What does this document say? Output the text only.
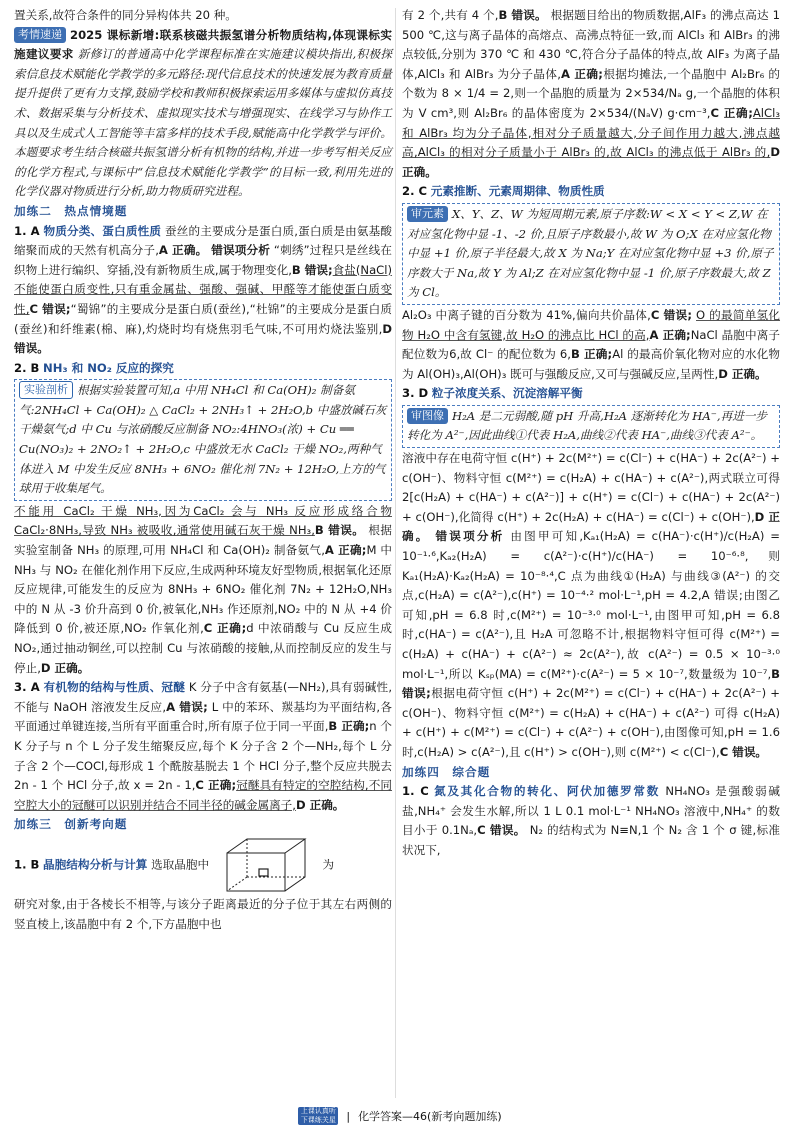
置关系,故符合条件的同分异构体共 20 种。

考情速递 2025 课标新增:联系核磁共振氢谱分析物质结构,体现课标实施建议要求 新修订的普通高中化学课程标准在实施建议模块指出,积极探索信息技术赋能化学教学的多元路径:现代信息技术的快速发展为教育质量提升提供了更有力支撑,鼓励学校和教师积极探索运用多媒体与虚拟仿真技术、数据采集与分析技术、虚拟现实技术与增强现实、在线学习与协作工具以及生成式人工智能等丰富多样的技术手段,赋能高中化学教学与评价。本题要求考生结合核磁共振氢谱分析有机物的结构,并进一步考写相关反应的化学方程式,与课标中“信息技术赋能化学教学”的目标一致,利用先进的化学仪器对物质进行分析,助力物质研究进程。

加练二　热点情境题

1. A 物质分类、蛋白质性质 蚕丝的主要成分是蛋白质,蛋白质是由氨基酸缩聚而成的天然有机高分子,A 正确。 错误项分析 “刺绣”过程只是丝线在织物上进行编织、穿插,没有新物质生成,属于物理变化,B 错误;食盐(NaCl)不能使蛋白质变性,只有重金属盐、强酸、强碱、甲醛等才能使蛋白质变性,C 错误;“蜀锦”的主要成分是蛋白质(蚕丝),“杜锦”的主要成分是蛋白质(蚕丝)和纤维素(棉、麻),灼烧时均有烧焦羽毛气味,不可用灼烧法鉴别,D 错误。

2. B NH₃ 和 NO₂ 反应的探究

实验剖析 根据实验装置可知,a 中用 NH₄Cl 和 Ca(OH)₂ 制备氨气:2NH₄Cl + Ca(OH)₂ △ CaCl₂ + 2NH₃↑ + 2H₂O,b 中盛放碱石灰干燥氨气;d 中 Cu 与浓硝酸反应制备 NO₂:4HNO₃(浓) + Cu ══ Cu(NO₃)₂ + 2NO₂↑ + 2H₂O,c 中盛放无水 CaCl₂ 干燥 NO₂,两种气体进入 M 中发生反应 8NH₃ + 6NO₂ 催化剂 7N₂ + 12H₂O,上方的气球用于收集尾气。

不能用 CaCl₂ 干燥 NH₃,因为CaCl₂ 会与 NH₃ 反应形成络合物 CaCl₂·8NH₃,导致 NH₃ 被吸收,通常使用碱石灰干燥 NH₃,B 错误。 根据实验室制备 NH₃ 的原理,可用 NH₄Cl 和 Ca(OH)₂ 制备氨气,A 正确;M 中 NH₃ 与 NO₂ 在催化剂作用下反应,生成两种环境友好型物质,根据氧化还原反应规律,可能发生的反应为 8NH₃ + 6NO₂ 催化剂 7N₂ + 12H₂O,NH₃ 中的 N 从 -3 价升高到 0 价,被氧化,NH₃ 作还原剂,NO₂ 中的 N 从 +4 价降低到 0 价,被还原,NO₂ 作氧化剂,C 正确;d 中浓硝酸与 Cu 反应生成 NO₂,通过抽动铜丝,可以控制 Cu 与浓硝酸的接触,从而控制反应的发生与停止,D 正确。

3. A 有机物的结构与性质、冠醚 K 分子中含有氨基(—NH₂),具有弱碱性,不能与 NaOH 溶液发生反应,A 错误; L 中的苯环、羰基均为平面结构,各平面通过单键连接,当所有平面重合时,所有原子位于同一平面,B 正确;n 个 K 分子与 n 个 L 分子发生缩聚反应,每个 K 分子含 2 个—NH₂,每个 L 分子含 2 个—COCl,每形成 1 个酰胺基脱去 1 个 HCl 分子,整个反应共脱去 2n - 1 个 HCl 分子,故 x = 2n - 1,C 正确;冠醚具有特定的空腔结构,不同空腔大小的冠醚可以识别并结合不同半径的碱金属离子,D 正确。

加练三　创新考向题

1. B 晶胞结构分析与计算 选取晶胞中	为

研究对象,由于各棱长不相等,与该分子距离最近的分子位于其左右两侧的竖直棱上,该晶胞中有 2 个,下方晶胞中也

有 2 个,共有 4 个,B 错误。 根据题目给出的物质数据,AlF₃ 的沸点高达 1 500 ℃,这与离子晶体的高熔点、高沸点特征一致,而 AlCl₃ 和 AlBr₃ 的沸点较低,分别为 370 ℃ 和 430 ℃,符合分子晶体的特点,故 AlF₃ 为离子晶体,AlCl₃ 和 AlBr₃ 为分子晶体,A 正确;根据均摊法,一个晶胞中 Al₂Br₆ 的个数为 8 × 1/4 = 2,则一个晶胞的质量为 2×534/Nₐ g,一个晶胞的体积为 V cm³,则 Al₂Br₆ 的晶体密度为 2×534/(NₐV) g·cm⁻³,C 正确;AlCl₃ 和 AlBr₃ 均为分子晶体,相对分子质量越大,分子间作用力越大,沸点越高,AlCl₃ 的相对分子质量小于 AlBr₃ 的,故 AlCl₃ 的沸点低于 AlBr₃ 的,D 正确。

2. C 元素推断、元素周期律、物质性质

审元素 X、Y、Z、W 为短周期元素,原子序数:W < X < Y < Z,W 在对应氢化物中显 -1、-2 价,且原子序数最小,故 W 为 O;X 在对应氢化物中显 +1 价,原子半径最大,故 X 为 Na;Y 在对应氢化物中显 +3 价,原子序数大于 Na,故 Y 为 Al;Z 在对应氢化物中显 -1 价,原子序数最大,故 Z 为 Cl。

Al₂O₃ 中离子键的百分数为 41%,偏向共价晶体,C 错误; O 的最简单氢化物 H₂O 中含有氢键,故 H₂O 的沸点比 HCl 的高,A 正确;NaCl 晶胞中离子配位数为6,故 Cl⁻ 的配位数为 6,B 正确;Al 的最高价氧化物对应的水化物为 Al(OH)₃,Al(OH)₃ 既可与强酸反应,又可与强碱反应,呈两性,D 正确。

3. D 粒子浓度关系、沉淀溶解平衡

审图像 H₂A 是二元弱酸,随 pH 升高,H₂A 逐渐转化为 HA⁻,再进一步转化为 A²⁻,因此曲线①代表 H₂A,曲线②代表 HA⁻,曲线③代表 A²⁻。

溶液中存在电荷守恒 c(H⁺) + 2c(M²⁺) = c(Cl⁻) + c(HA⁻) + 2c(A²⁻) + c(OH⁻)、物料守恒 c(M²⁺) = c(H₂A) + c(HA⁻) + c(A²⁻),两式联立可得 2[c(H₂A) + c(HA⁻) + c(A²⁻)] + c(H⁺) = c(Cl⁻) + c(HA⁻) + 2c(A²⁻) + c(OH⁻),化简得 c(H⁺) + 2c(H₂A) + c(HA⁻) = c(Cl⁻) + c(OH⁻),D 正确。 错误项分析 由图甲可知,Kₐ₁(H₂A) = c(HA⁻)·c(H⁺)/c(H₂A) = 10⁻¹·⁶,Kₐ₂(H₂A) = c(A²⁻)·c(H⁺)/c(HA⁻) = 10⁻⁶·⁸,则 Kₐ₁(H₂A)·Kₐ₂(H₂A) = 10⁻⁸·⁴,C 点为曲线①(H₂A) 与曲线③(A²⁻) 的交点,c(H₂A) = c(A²⁻),c(H⁺) = 10⁻⁴·² mol·L⁻¹,pH = 4.2,A 错误;由图乙可知,pH = 6.8 时,c(M²⁺) = 10⁻³·⁰ mol·L⁻¹,由图甲可知,pH = 6.8 时,c(HA⁻) = c(A²⁻),且 H₂A 可忽略不计,根据物料守恒可得 c(M²⁺) = c(H₂A) + c(HA⁻) + c(A²⁻) ≈ 2c(A²⁻),故 c(A²⁻) = 0.5 × 10⁻³·⁰ mol·L⁻¹,所以 Kₛₚ(MA) = c(M²⁺)·c(A²⁻) = 5 × 10⁻⁷,数量级为 10⁻⁷,B 错误;根据电荷守恒 c(H⁺) + 2c(M²⁺) = c(Cl⁻) + c(HA⁻) + 2c(A²⁻) + c(OH⁻)、物料守恒 c(M²⁺) = c(H₂A) + c(HA⁻) + c(A²⁻) 可得 c(H₂A) + c(H⁺) + c(M²⁺) = c(Cl⁻) + c(A²⁻) + c(OH⁻),由图像可知,pH = 1.6 时,c(H₂A) > c(A²⁻),且 c(H⁺) > c(OH⁻),则 c(M²⁺) < c(Cl⁻),C 错误。

加练四　综合题

1. C 氮及其化合物的转化、阿伏加德罗常数 NH₄NO₃ 是强酸弱碱盐,NH₄⁺ 会发生水解,所以 1 L 0.1 mol·L⁻¹ NH₄NO₃ 溶液中,NH₄⁺ 的数目小于 0.1Nₐ,C 错误。 N₂ 的结构式为 N≡N,1 个 N₂ 含 1 个 σ 键,标准状况下,

上课认真听
下课练关星 | 化学答案—46(新考向题加练)
